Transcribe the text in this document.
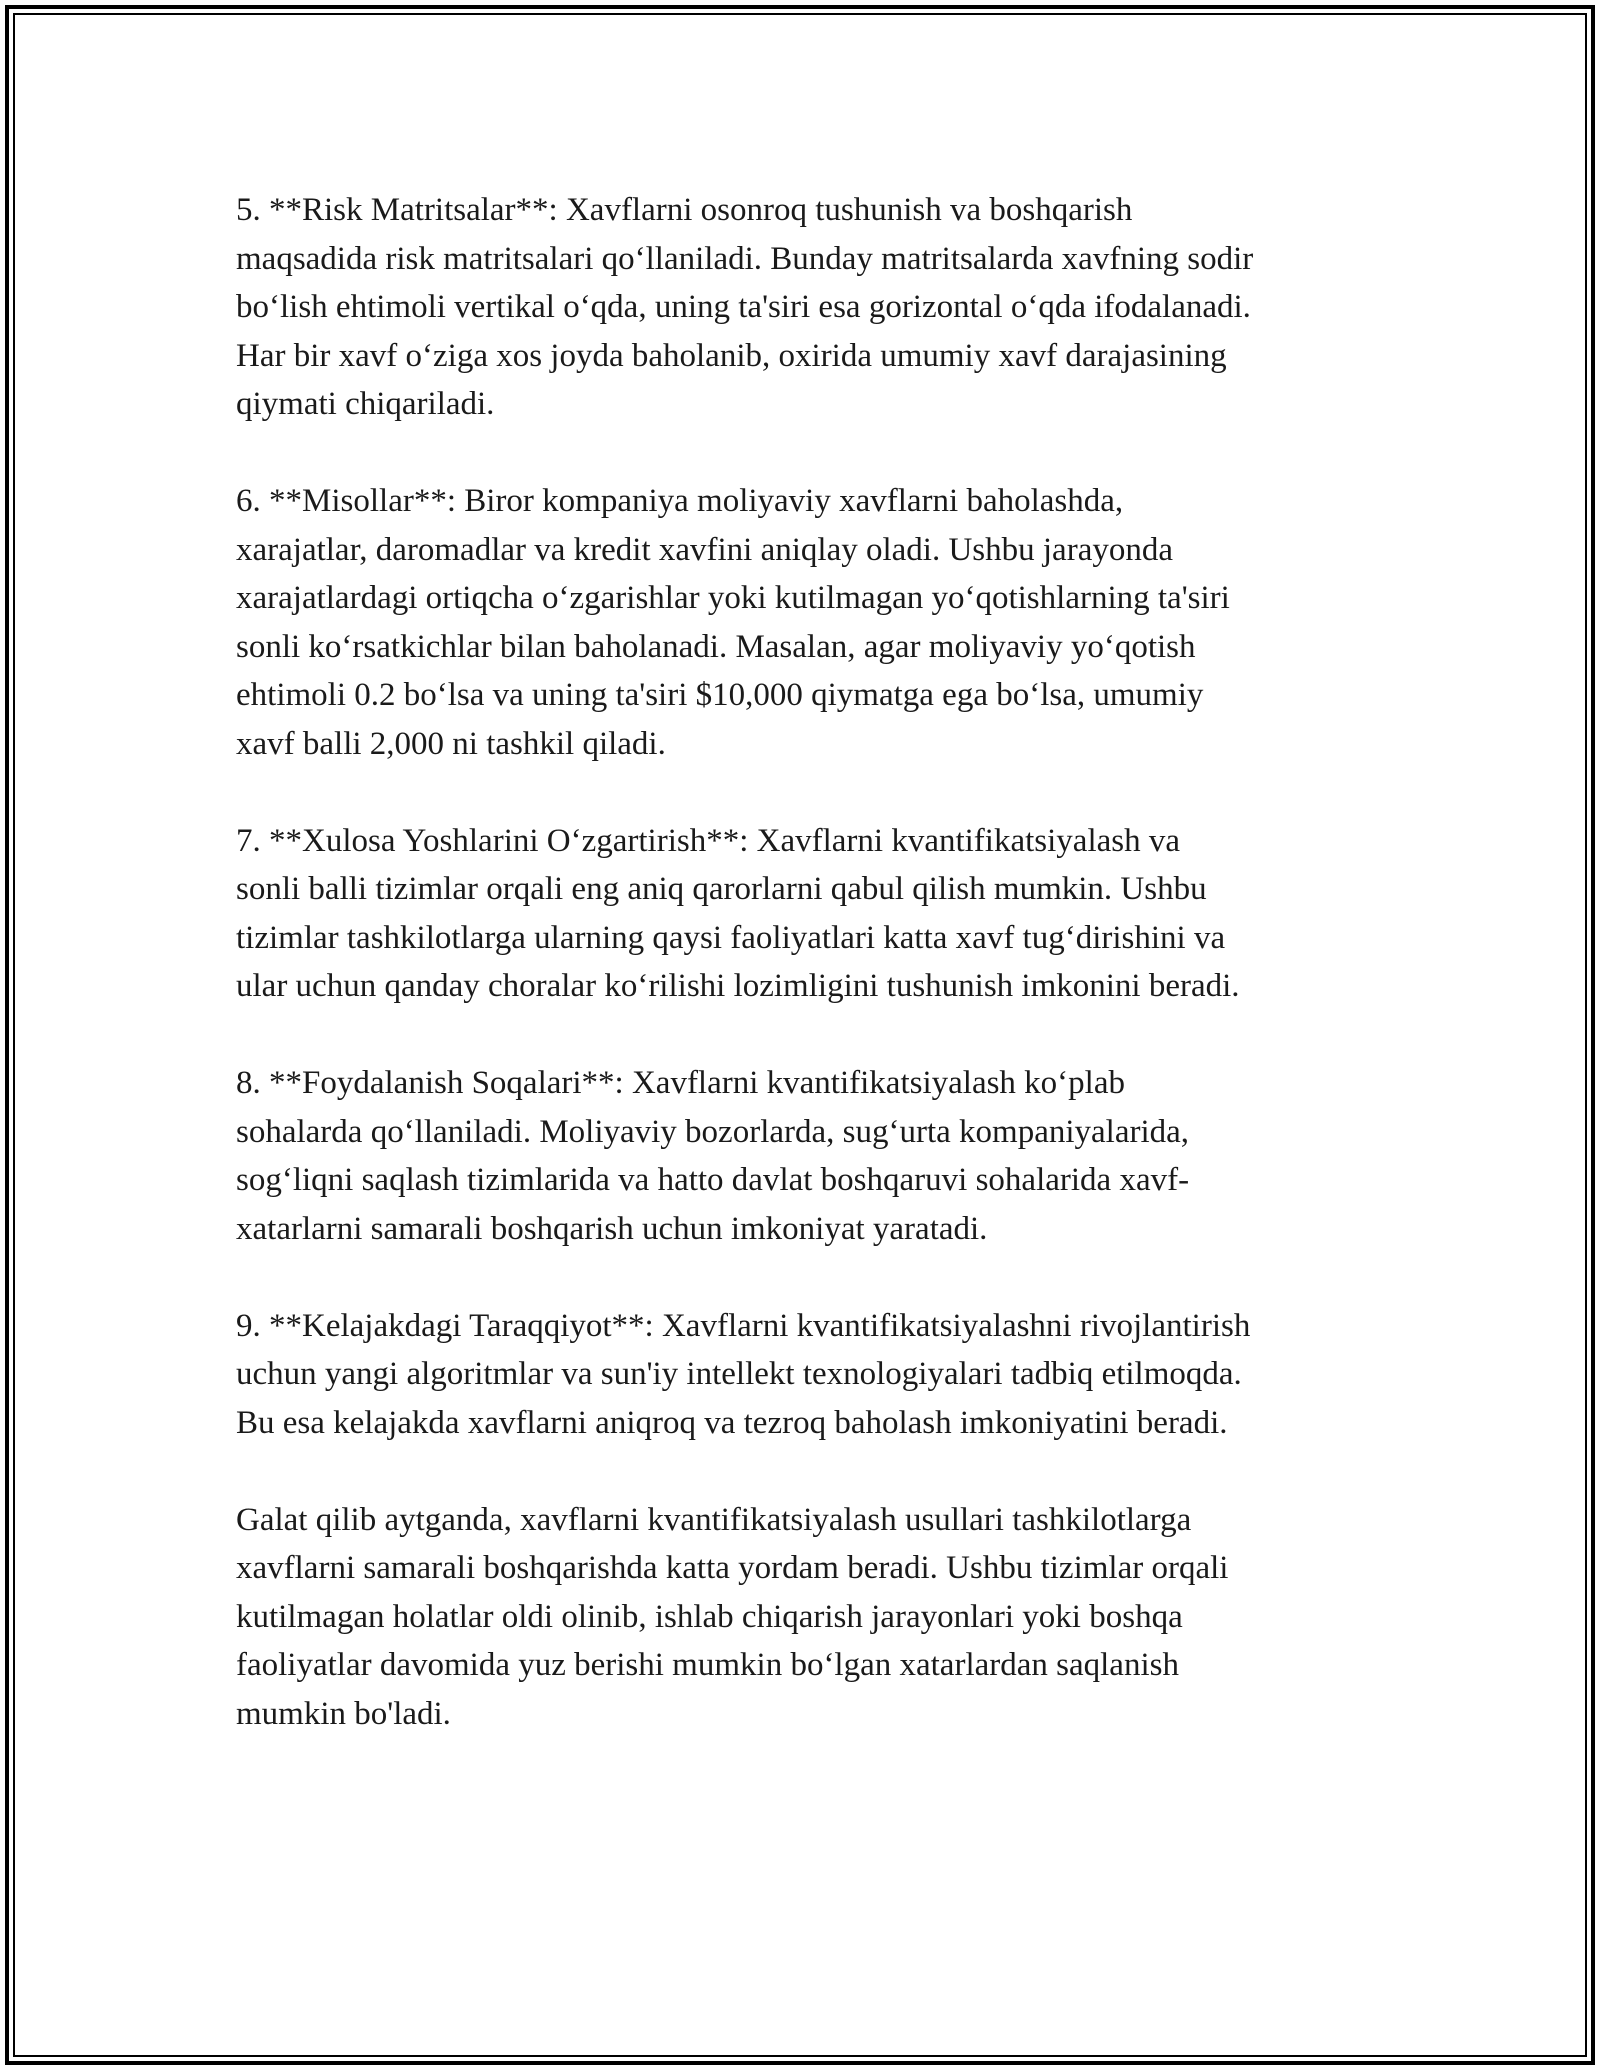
5. **Risk Matritsalar**: Xavflarni osonroq tushunish va boshqarish
maqsadida risk matritsalari qo‘llaniladi. Bunday matritsalarda xavfning sodir
bo‘lish ehtimoli vertikal o‘qda, uning ta'siri esa gorizontal o‘qda ifodalanadi.
Har bir xavf o‘ziga xos joyda baholanib, oxirida umumiy xavf darajasining
qiymati chiqariladi.
6. **Misollar**: Biror kompaniya moliyaviy xavflarni baholashda,
xarajatlar, daromadlar va kredit xavfini aniqlay oladi. Ushbu jarayonda
xarajatlardagi ortiqcha o‘zgarishlar yoki kutilmagan yo‘qotishlarning ta'siri
sonli ko‘rsatkichlar bilan baholanadi. Masalan, agar moliyaviy yo‘qotish
ehtimoli 0.2 bo‘lsa va uning ta'siri $10,000 qiymatga ega bo‘lsa, umumiy
xavf balli 2,000 ni tashkil qiladi.
7. **Xulosa Yoshlarini O‘zgartirish**: Xavflarni kvantifikatsiyalash va
sonli balli tizimlar orqali eng aniq qarorlarni qabul qilish mumkin. Ushbu
tizimlar tashkilotlarga ularning qaysi faoliyatlari katta xavf tug‘dirishini va
ular uchun qanday choralar ko‘rilishi lozimligini tushunish imkonini beradi.
8. **Foydalanish Soqalari**: Xavflarni kvantifikatsiyalash ko‘plab
sohalarda qo‘llaniladi. Moliyaviy bozorlarda, sug‘urta kompaniyalarida,
sog‘liqni saqlash tizimlarida va hatto davlat boshqaruvi sohalarida xavf-
xatarlarni samarali boshqarish uchun imkoniyat yaratadi.
9. **Kelajakdagi Taraqqiyot**: Xavflarni kvantifikatsiyalashni rivojlantirish
uchun yangi algoritmlar va sun'iy intellekt texnologiyalari tadbiq etilmoqda.
Bu esa kelajakda xavflarni aniqroq va tezroq baholash imkoniyatini beradi.
Galat qilib aytganda, xavflarni kvantifikatsiyalash usullari tashkilotlarga
xavflarni samarali boshqarishda katta yordam beradi. Ushbu tizimlar orqali
kutilmagan holatlar oldi olinib, ishlab chiqarish jarayonlari yoki boshqa
faoliyatlar davomida yuz berishi mumkin bo‘lgan xatarlardan saqlanish
mumkin bo'ladi.
